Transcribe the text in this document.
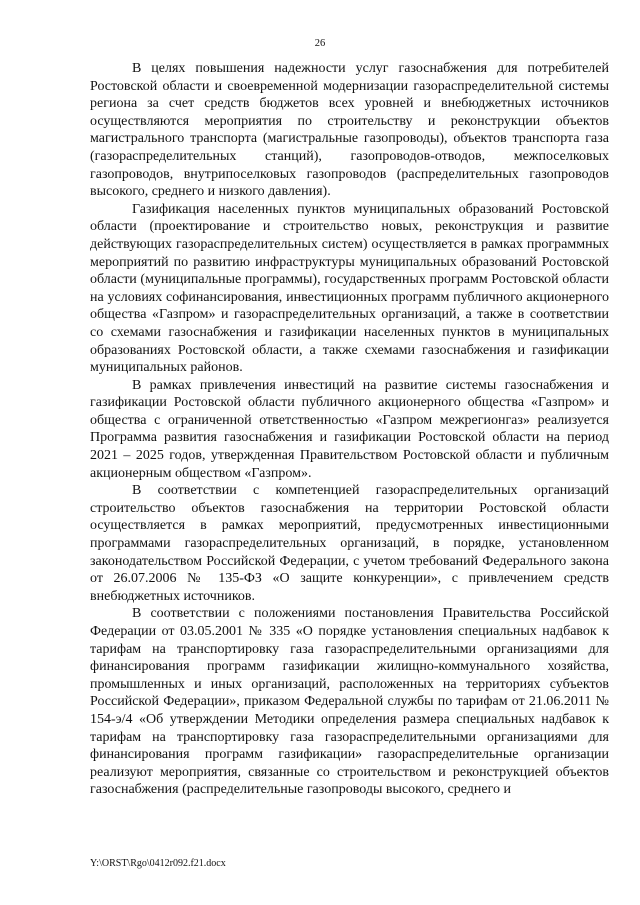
26

В целях повышения надежности услуг газоснабжения для потребителей Ростовской области и своевременной модернизации газораспределительной системы региона за счет средств бюджетов всех уровней и внебюджетных источников осуществляются мероприятия по строительству и реконструкции объектов магистрального транспорта (магистральные газопроводы), объектов транспорта газа (газораспределительных станций), газопроводов-отводов, межпоселковых газопроводов, внутрипоселковых газопроводов (распределительных газопроводов высокого, среднего и низкого давления).

Газификация населенных пунктов муниципальных образований Ростовской области (проектирование и строительство новых, реконструкция и развитие действующих газораспределительных систем) осуществляется в рамках программных мероприятий по развитию инфраструктуры муниципальных образований Ростовской области (муниципальные программы), государственных программ Ростовской области на условиях софинансирования, инвестиционных программ публичного акционерного общества «Газпром» и газораспределительных организаций, а также в соответствии со схемами газоснабжения и газификации населенных пунктов в муниципальных образованиях Ростовской области, а также схемами газоснабжения и газификации муниципальных районов.

В рамках привлечения инвестиций на развитие системы газоснабжения и газификации Ростовской области публичного акционерного общества «Газпром» и общества с ограниченной ответственностью «Газпром межрегионгаз» реализуется Программа развития газоснабжения и газификации Ростовской области на период 2021 – 2025 годов, утвержденная Правительством Ростовской области и публичным акционерным обществом «Газпром».

В соответствии с компетенцией газораспределительных организаций строительство объектов газоснабжения на территории Ростовской области осуществляется в рамках мероприятий, предусмотренных инвестиционными программами газораспределительных организаций, в порядке, установленном законодательством Российской Федерации, с учетом требований Федерального закона от 26.07.2006 № 135-ФЗ «О защите конкуренции», с привлечением средств внебюджетных источников.

В соответствии с положениями постановления Правительства Российской Федерации от 03.05.2001 № 335 «О порядке установления специальных надбавок к тарифам на транспортировку газа газораспределительными организациями для финансирования программ газификации жилищно-коммунального хозяйства, промышленных и иных организаций, расположенных на территориях субъектов Российской Федерации», приказом Федеральной службы по тарифам от 21.06.2011 № 154-э/4 «Об утверждении Методики определения размера специальных надбавок к тарифам на транспортировку газа газораспределительными организациями для финансирования программ газификации» газораспределительные организации реализуют мероприятия, связанные со строительством и реконструкцией объектов газоснабжения (распределительные газопроводы высокого, среднего и

Y:\ORST\Rgo\0412r092.f21.docx
